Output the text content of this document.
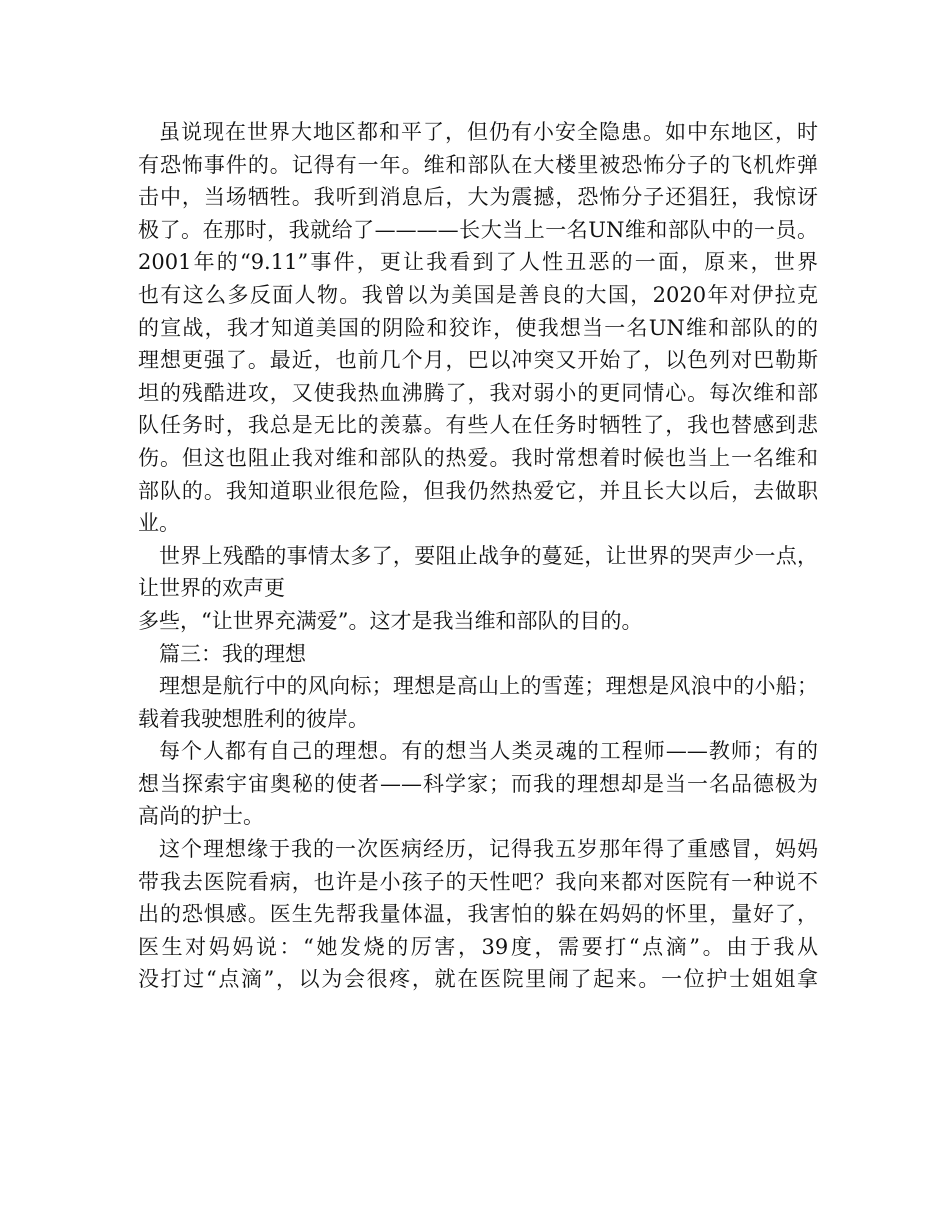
虽说现在世界大地区都和平了，但仍有小安全隐患。如中东地区，时
有恐怖事件的。记得有一年。维和部队在大楼里被恐怖分子的飞机炸弹
击中，当场牺牲。我听到消息后，大为震撼，恐怖分子还猖狂，我惊讶
极了。在那时，我就给了————长大当上一名UN维和部队中的一员。
2001年的“9.11”事件，更让我看到了人性丑恶的一面，原来，世界
也有这么多反面人物。我曾以为美国是善良的大国，2020年对伊拉克
的宣战，我才知道美国的阴险和狡诈，使我想当一名UN维和部队的的
理想更强了。最近，也前几个月，巴以冲突又开始了，以色列对巴勒斯
坦的残酷进攻，又使我热血沸腾了，我对弱小的更同情心。每次维和部
队任务时，我总是无比的羡慕。有些人在任务时牺牲了，我也替感到悲
伤。但这也阻止我对维和部队的热爱。我时常想着时候也当上一名维和
部队的。我知道职业很危险，但我仍然热爱它，并且长大以后，去做职
业。
世界上残酷的事情太多了，要阻止战争的蔓延，让世界的哭声少一点，
让世界的欢声更
多些，“让世界充满爱”。这才是我当维和部队的目的。
篇三：我的理想
理想是航行中的风向标；理想是高山上的雪莲；理想是风浪中的小船；
载着我驶想胜利的彼岸。
每个人都有自己的理想。有的想当人类灵魂的工程师——教师；有的
想当探索宇宙奥秘的使者——科学家；而我的理想却是当一名品德极为
高尚的护士。
这个理想缘于我的一次医病经历，记得我五岁那年得了重感冒，妈妈
带我去医院看病，也许是小孩子的天性吧？我向来都对医院有一种说不
出的恐惧感。医生先帮我量体温，我害怕的躲在妈妈的怀里，量好了，
医生对妈妈说：“她发烧的厉害，39度，需要打“点滴”。由于我从
没打过“点滴”，以为会很疼，就在医院里闹了起来。一位护士姐姐拿
